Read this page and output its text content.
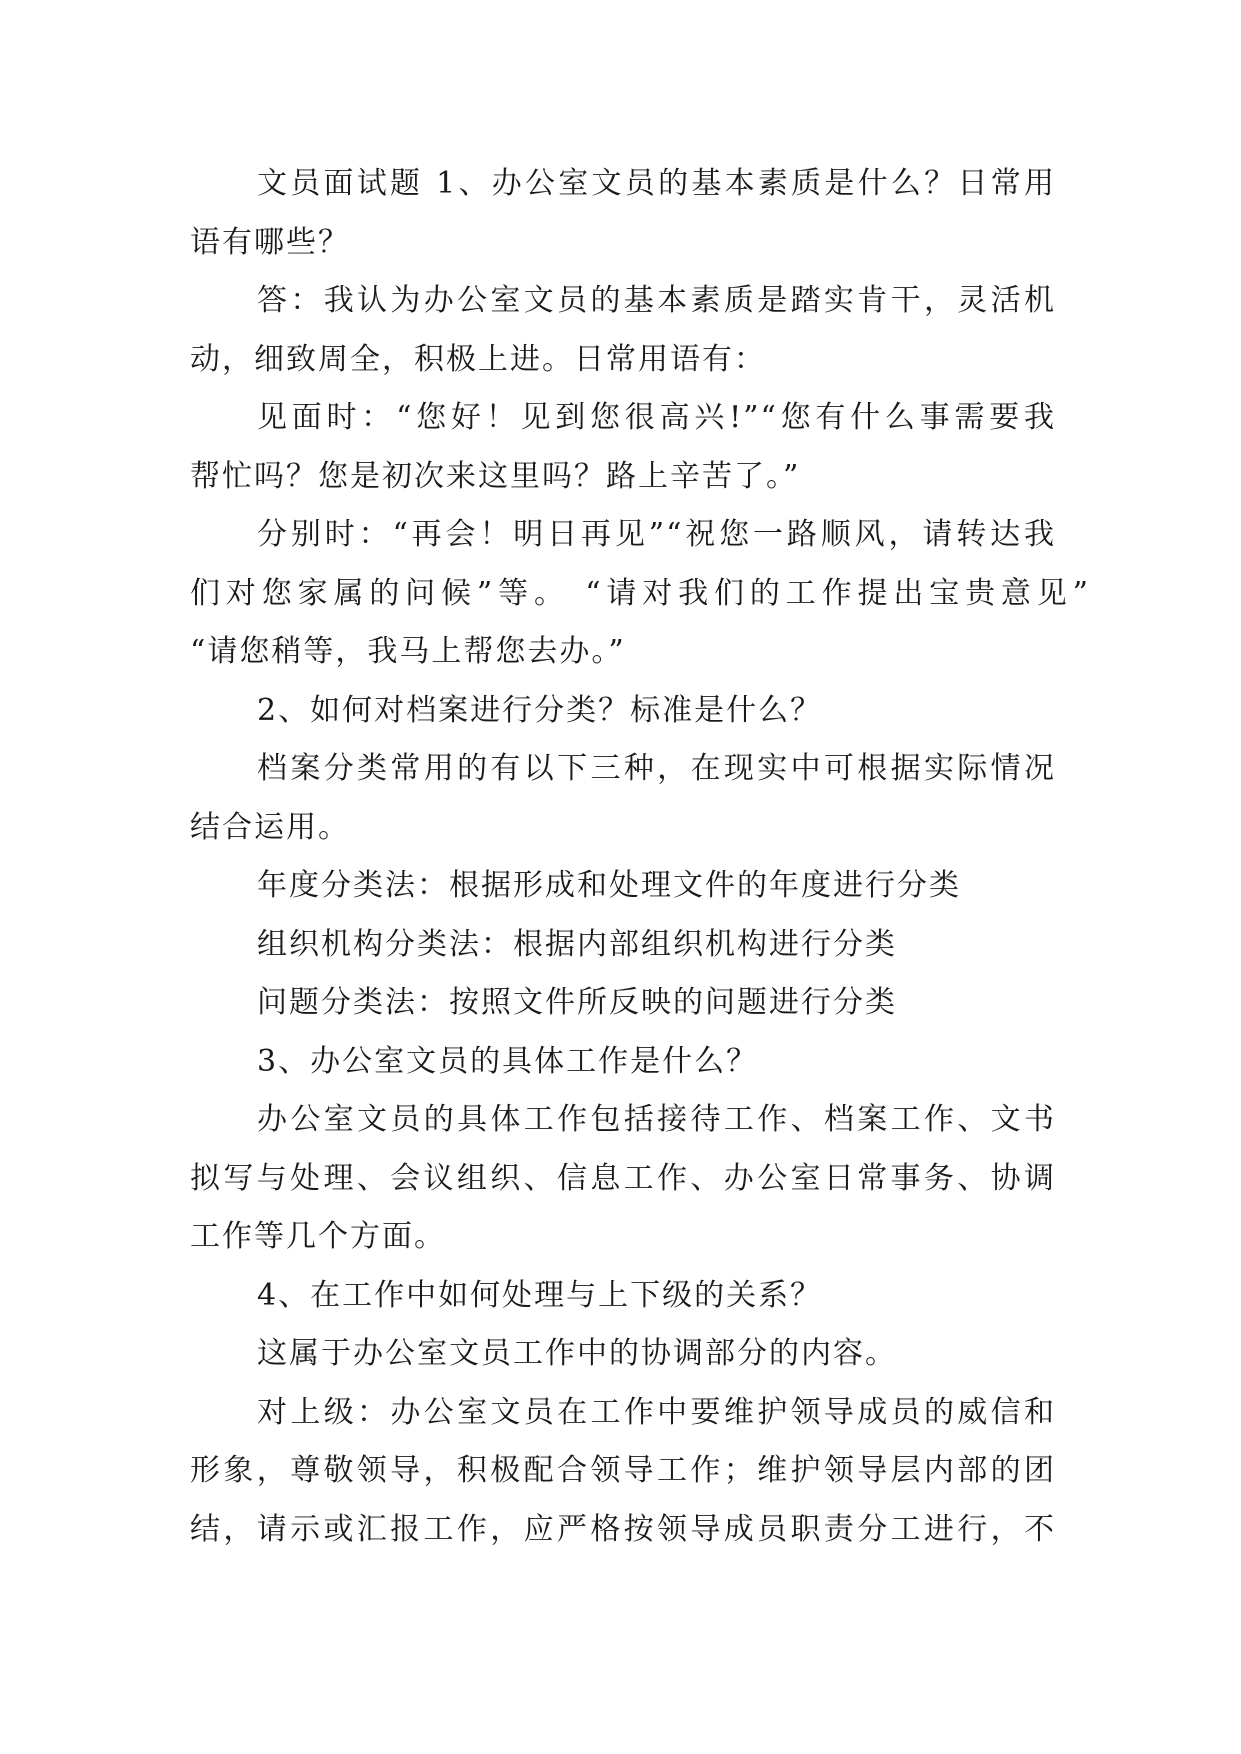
文员面试题 1、办公室文员的基本素质是什么？日常用
语有哪些？
答：我认为办公室文员的基本素质是踏实肯干，灵活机
动，细致周全，积极上进。日常用语有：
见面时：“您好！见到您很高兴!”“您有什么事需要我
帮忙吗？您是初次来这里吗？路上辛苦了。”
分别时：“再会！明日再见”“祝您一路顺风，请转达我
们对您家属的问候”等。 “请对我们的工作提出宝贵意见”
“请您稍等，我马上帮您去办。”
2、如何对档案进行分类？标准是什么？
档案分类常用的有以下三种，在现实中可根据实际情况
结合运用。
年度分类法：根据形成和处理文件的年度进行分类
组织机构分类法：根据内部组织机构进行分类
问题分类法：按照文件所反映的问题进行分类
3、办公室文员的具体工作是什么？
办公室文员的具体工作包括接待工作、档案工作、文书
拟写与处理、会议组织、信息工作、办公室日常事务、协调
工作等几个方面。
4、在工作中如何处理与上下级的关系？
这属于办公室文员工作中的协调部分的内容。
对上级：办公室文员在工作中要维护领导成员的威信和
形象，尊敬领导，积极配合领导工作；维护领导层内部的团
结，请示或汇报工作，应严格按领导成员职责分工进行，不
